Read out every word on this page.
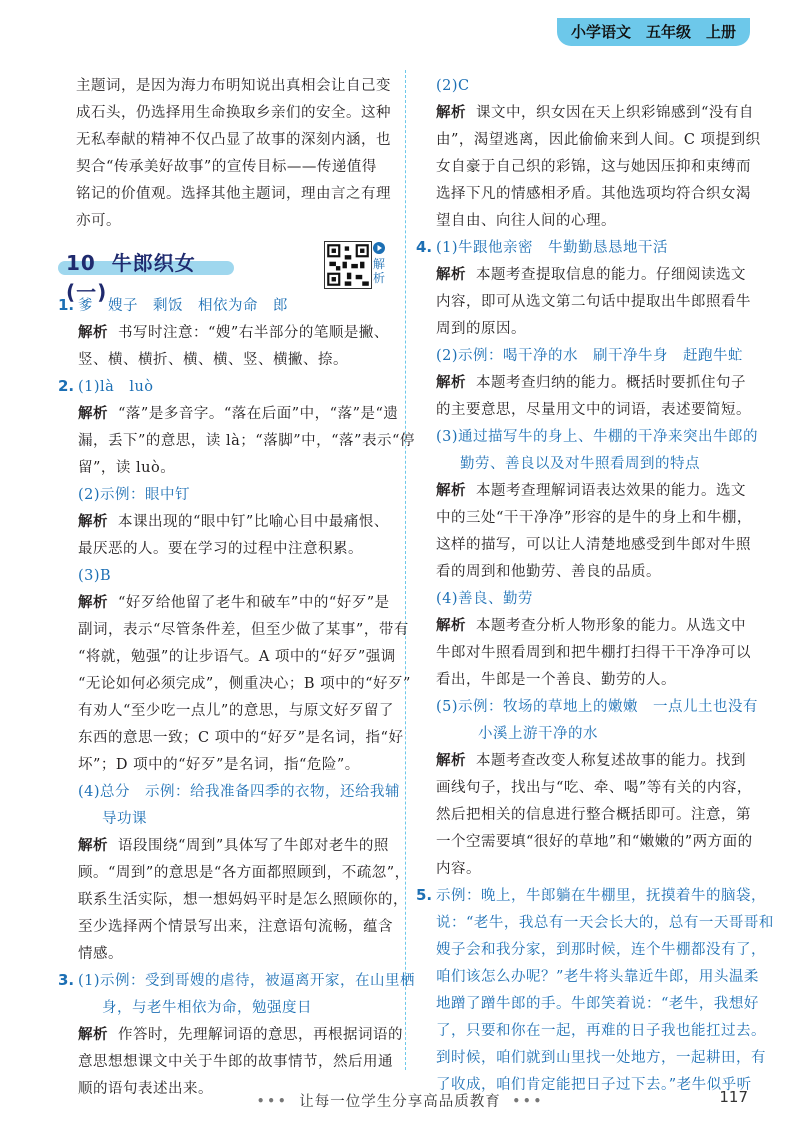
小学语文　五年级　上册
主题词，是因为海力布明知说出真相会让自己变
成石头，仍选择用生命换取乡亲们的安全。这种
无私奉献的精神不仅凸显了故事的深刻内涵，也
契合“传承美好故事”的宣传目标——传递值得
铭记的价值观。选择其他主题词，理由言之有理
亦可。
10 牛郎织女(一)
解析
1. 爹　嫂子　剩饭　相依为命　郎
解析 书写时注意：“嫂”右半部分的笔顺是撇、
竖、横、横折、横、横、竖、横撇、捺。
2. (1)là　luò
解析 “落”是多音字。“落在后面”中，“落”是“遗
漏，丢下”的意思，读 là；“落脚”中，“落”表示“停
留”，读 luò。
(2)示例：眼中钉
解析 本课出现的“眼中钉”比喻心目中最痛恨、
最厌恶的人。要在学习的过程中注意积累。
(3)B
解析 “好歹给他留了老牛和破车”中的“好歹”是
副词，表示“尽管条件差，但至少做了某事”，带有
“将就，勉强”的让步语气。A 项中的“好歹”强调
“无论如何必须完成”，侧重决心；B 项中的“好歹”
有劝人“至少吃一点儿”的意思，与原文好歹留了
东西的意思一致；C 项中的“好歹”是名词，指“好
坏”；D 项中的“好歹”是名词，指“危险”。
(4)总分　示例：给我准备四季的衣物，还给我辅
导功课
解析 语段围绕“周到”具体写了牛郎对老牛的照
顾。“周到”的意思是“各方面都照顾到，不疏忽”，
联系生活实际，想一想妈妈平时是怎么照顾你的，
至少选择两个情景写出来，注意语句流畅，蕴含
情感。
3. (1)示例：受到哥嫂的虐待，被逼离开家，在山里栖
身，与老牛相依为命，勉强度日
解析 作答时，先理解词语的意思，再根据词语的
意思想想课文中关于牛郎的故事情节，然后用通
顺的语句表述出来。
(2)C
解析 课文中，织女因在天上织彩锦感到“没有自
由”，渴望逃离，因此偷偷来到人间。C 项提到织
女自豪于自己织的彩锦，这与她因压抑和束缚而
选择下凡的情感相矛盾。其他选项均符合织女渴
望自由、向往人间的心理。
4. (1)牛跟他亲密　牛勤勤恳恳地干活
解析 本题考查提取信息的能力。仔细阅读选文
内容，即可从选文第二句话中提取出牛郎照看牛
周到的原因。
(2)示例：喝干净的水　刷干净牛身　赶跑牛虻
解析 本题考查归纳的能力。概括时要抓住句子
的主要意思，尽量用文中的词语，表述要简短。
(3)通过描写牛的身上、牛棚的干净来突出牛郎的
勤劳、善良以及对牛照看周到的特点
解析 本题考查理解词语表达效果的能力。选文
中的三处“干干净净”形容的是牛的身上和牛棚，
这样的描写，可以让人清楚地感受到牛郎对牛照
看的周到和他勤劳、善良的品质。
(4)善良、勤劳
解析 本题考查分析人物形象的能力。从选文中
牛郎对牛照看周到和把牛棚打扫得干干净净可以
看出，牛郎是一个善良、勤劳的人。
(5)示例：牧场的草地上的嫩嫩　一点儿土也没有
小溪上游干净的水
解析 本题考查改变人称复述故事的能力。找到
画线句子，找出与“吃、牵、喝”等有关的内容，
然后把相关的信息进行整合概括即可。注意，第
一个空需要填“很好的草地”和“嫩嫩的”两方面的
内容。
5. 示例：晚上，牛郎躺在牛棚里，抚摸着牛的脑袋，
说：“老牛，我总有一天会长大的，总有一天哥哥和
嫂子会和我分家，到那时候，连个牛棚都没有了，
咱们该怎么办呢？”老牛将头靠近牛郎，用头温柔
地蹭了蹭牛郎的手。牛郎笑着说：“老牛，我想好
了，只要和你在一起，再难的日子我也能扛过去。
到时候，咱们就到山里找一处地方，一起耕田，有
了收成，咱们肯定能把日子过下去。”老牛似乎听
••• 让每一位学生分享高品质教育 •••	117
